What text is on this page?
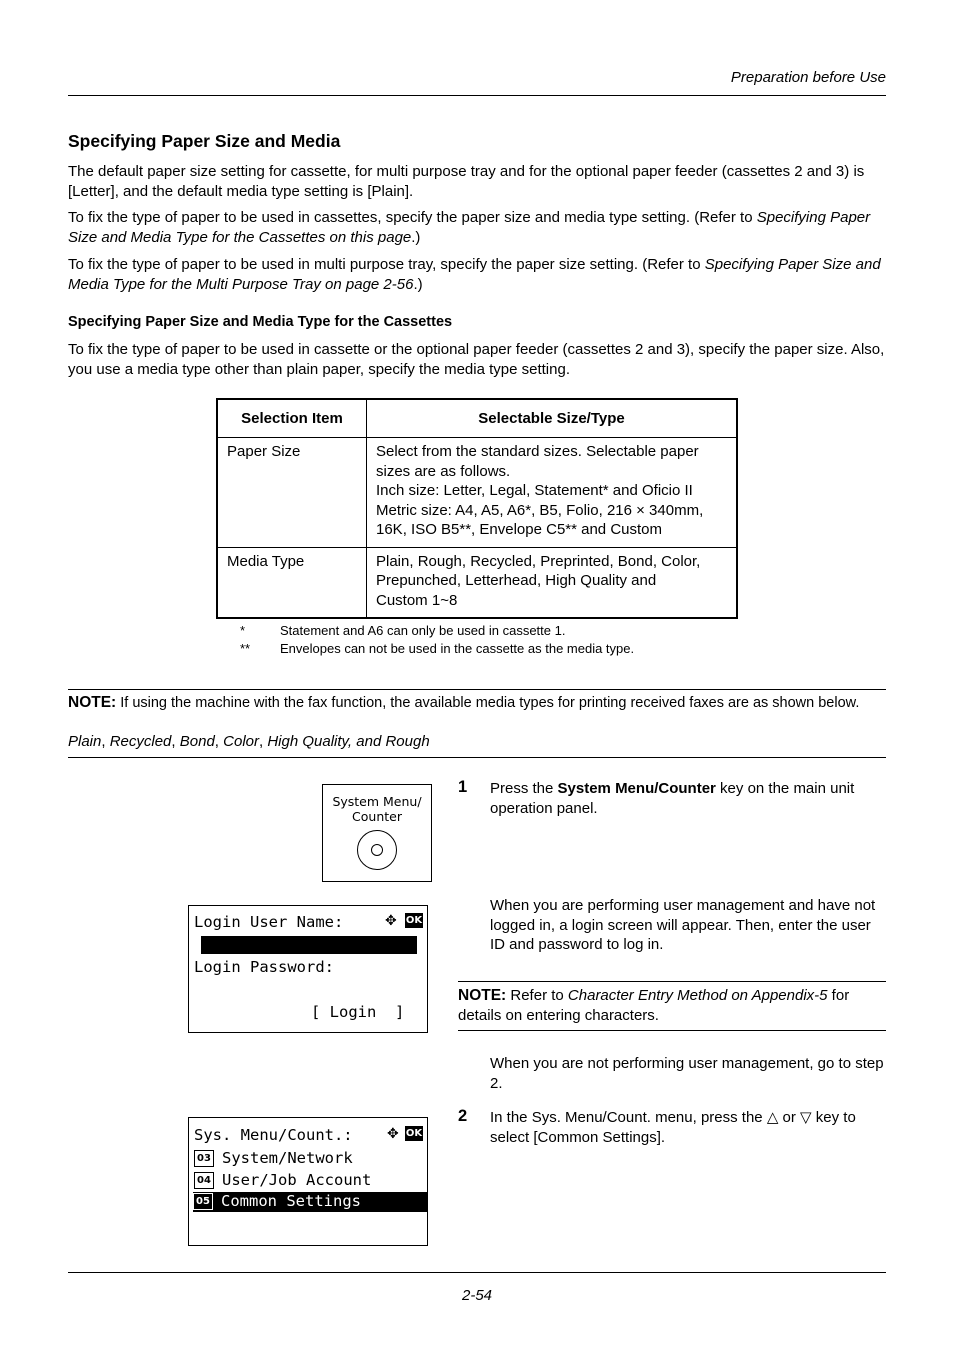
Preparation before Use
Specifying Paper Size and Media
The default paper size setting for cassette, for multi purpose tray and for the optional paper feeder (cassettes 2 and 3) is [Letter], and the default media type setting is [Plain].
To fix the type of paper to be used in cassettes, specify the paper size and media type setting. (Refer to Specifying Paper Size and Media Type for the Cassettes on this page.)
To fix the type of paper to be used in multi purpose tray, specify the paper size setting. (Refer to Specifying Paper Size and Media Type for the Multi Purpose Tray on page 2-56.)
Specifying Paper Size and Media Type for the Cassettes
To fix the type of paper to be used in cassette or the optional paper feeder (cassettes 2 and 3), specify the paper size. Also, you use a media type other than plain paper, specify the media type setting.
Selection Item	Selectable Size/Type
Paper Size	Select from the standard sizes. Selectable paper
sizes are as follows.
Inch size: Letter, Legal, Statement* and Oficio II
Metric size: A4, A5, A6*, B5, Folio, 216 × 340mm,
16K, ISO B5**, Envelope C5** and Custom

Media Type	Plain, Rough, Recycled, Preprinted, Bond, Color,
Prepunched, Letterhead, High Quality and
Custom 1~8
*	Statement and A6 can only be used in cassette 1.
** Envelopes can not be used in the cassette as the media type.
NOTE: If using the machine with the fax function, the available media types for printing received faxes are as shown below.
Plain, Recycled, Bond, Color, High Quality, and Rough
System Menu/
Counter
Login User Name:	✥ OK
Login Password:
[ Login  ]
Sys. Menu/Count.: ✥ OK
03 System/Network
04 User/Job Account
05 Common Settings
1 Press the System Menu/Counter key on the main unit operation panel.
When you are performing user management and have not logged in, a login screen will appear. Then, enter the user ID and password to log in.
NOTE: Refer to Character Entry Method on Appendix-5 for details on entering characters.
When you are not performing user management, go to step 2.
2 In the Sys. Menu/Count. menu, press the △ or ▽ key to select [Common Settings].
2-54
